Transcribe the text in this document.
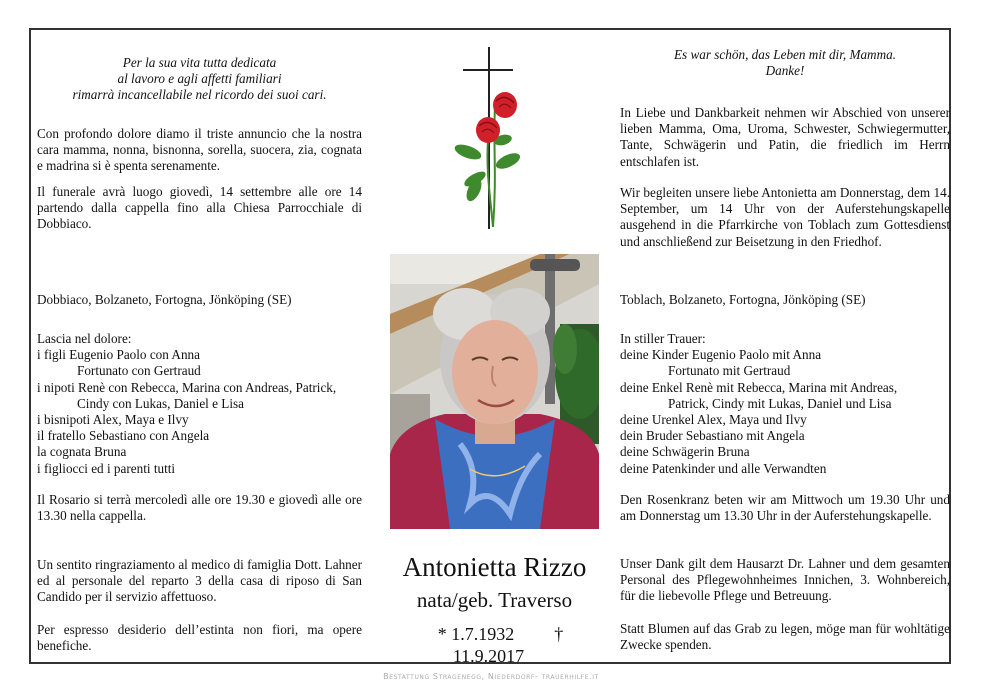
Per la sua vita tutta dedicata
al lavoro e agli affetti familiari
rimarrà incancellabile nel ricordo dei suoi cari.
Con profondo dolore diamo il triste annuncio che la nostra cara mamma, nonna, bisnonna, sorella, suocera, zia, cognata e madrina si è spenta serenamente.
Il funerale avrà luogo giovedì, 14 settembre alle ore 14 partendo dalla cappella fino alla Chiesa Parrocchiale di Dobbiaco.
Dobbiaco, Bolzaneto, Fortogna, Jönköping (SE)
Lascia nel dolore:
i figli Eugenio Paolo con Anna
Fortunato con Gertraud
i nipoti Renè con Rebecca, Marina con Andreas, Patrick,
Cindy con Lukas, Daniel e Lisa
i bisnipoti Alex, Maya e Ilvy
il fratello Sebastiano con Angela
la cognata Bruna
i figliocci ed i parenti tutti
Il Rosario si terrà mercoledì alle ore 19.30 e giovedì alle ore 13.30 nella cappella.
Un sentito ringraziamento al medico di famiglia Dott. Lahner ed al personale del reparto 3 della casa di riposo di San Candido per il servizio affettuoso.
Per espresso desiderio dell’estinta non fiori, ma opere benefiche.
Es war schön, das Leben mit dir, Mamma.
Danke!
In Liebe und Dankbarkeit nehmen wir Abschied von unserer lieben Mamma, Oma, Uroma, Schwester, Schwiegermutter, Tante, Schwägerin und Patin, die friedlich im Herrn entschlafen ist.
Wir begleiten unsere liebe Antonietta am Donnerstag, dem 14. September, um 14 Uhr von der Auferstehungskapelle ausgehend in die Pfarrkirche von Toblach zum Gottesdienst und anschließend zur Beisetzung in den Friedhof.
Toblach, Bolzaneto, Fortogna, Jönköping (SE)
In stiller Trauer:
deine Kinder Eugenio Paolo mit Anna
Fortunato mit Gertraud
deine Enkel Renè mit Rebecca, Marina mit Andreas,
Patrick, Cindy mit Lukas, Daniel und Lisa
deine Urenkel Alex, Maya und Ilvy
dein Bruder Sebastiano mit Angela
deine Schwägerin Bruna
deine Patenkinder und alle Verwandten
Den Rosenkranz beten wir am Mittwoch um 19.30 Uhr und am Donnerstag um 13.30 Uhr in der Auferstehungskapelle.
Unser Dank gilt dem Hausarzt Dr. Lahner und dem gesamten Personal des Pflegewohnheimes Innichen, 3. Wohnbereich, für die liebevolle Pflege und Betreuung.
Statt Blumen auf das Grab zu legen, möge man für wohltätige Zwecke spenden.
Antonietta Rizzo
nata/geb. Traverso
* 1.7.1932 † 11.9.2017
Bestattung Stragenegg, Niederdorf- trauerhilfe.it
